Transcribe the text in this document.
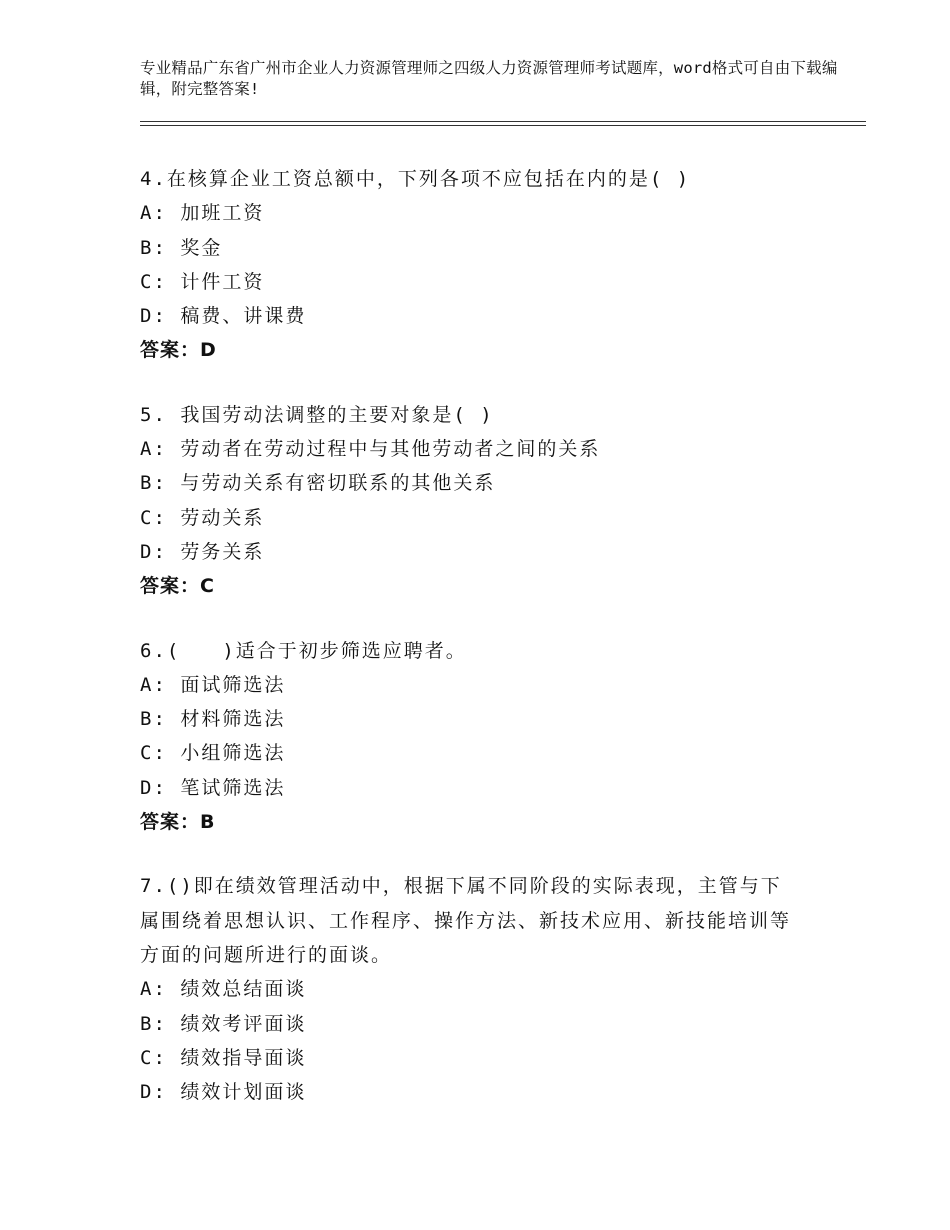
专业精品广东省广州市企业人力资源管理师之四级人力资源管理师考试题库，word格式可自由下载编辑，附完整答案!
4.在核算企业工资总额中，下列各项不应包括在内的是( )
A: 加班工资
B: 奖金
C: 计件工资
D: 稿费、讲课费
答案：D
5. 我国劳动法调整的主要对象是( )
A: 劳动者在劳动过程中与其他劳动者之间的关系
B: 与劳动关系有密切联系的其他关系
C: 劳动关系
D: 劳务关系
答案：C
6.(　　)适合于初步筛选应聘者。
A: 面试筛选法
B: 材料筛选法
C: 小组筛选法
D: 笔试筛选法
答案：B
7.()即在绩效管理活动中，根据下属不同阶段的实际表现，主管与下属围绕着思想认识、工作程序、操作方法、新技术应用、新技能培训等方面的问题所进行的面谈。
A: 绩效总结面谈
B: 绩效考评面谈
C: 绩效指导面谈
D: 绩效计划面谈
